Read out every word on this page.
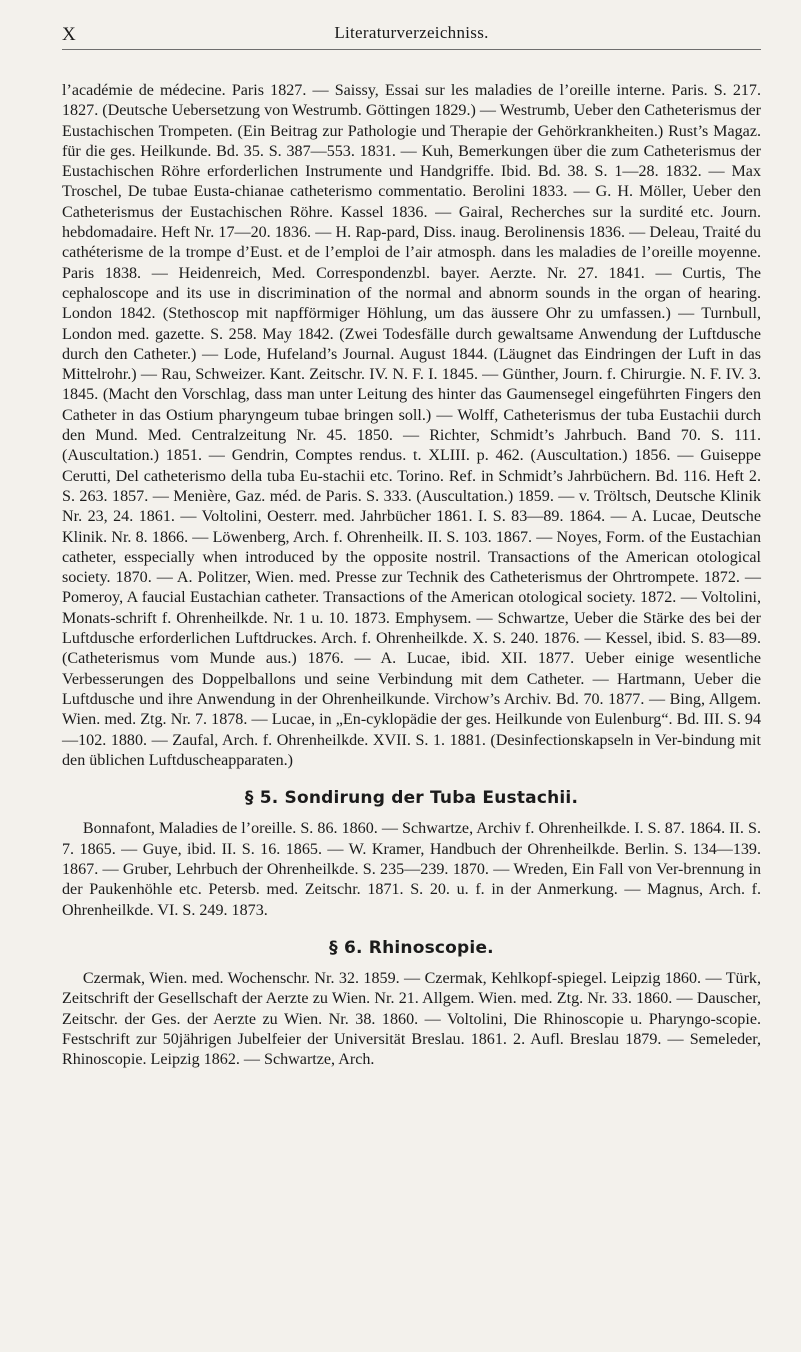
X	Literaturverzeichniss.

l’académie de médecine. Paris 1827. — Saissy, Essai sur les maladies de l’oreille interne. Paris. S. 217. 1827. (Deutsche Uebersetzung von Westrumb. Göttingen 1829.) — Westrumb, Ueber den Catheterismus der Eustachischen Trompeten. (Ein Beitrag zur Pathologie und Therapie der Gehörkrankheiten.) Rust’s Magaz. für die ges. Heilkunde. Bd. 35. S. 387—553. 1831. — Kuh, Bemerkungen über die zum Catheterismus der Eustachischen Röhre erforderlichen Instrumente und Handgriffe. Ibid. Bd. 38. S. 1—28. 1832. — Max Troschel, De tubae Eusta-chianae catheterismo commentatio. Berolini 1833. — G. H. Möller, Ueber den Catheterismus der Eustachischen Röhre. Kassel 1836. — Gairal, Recherches sur la surdité etc. Journ. hebdomadaire. Heft Nr. 17—20. 1836. — H. Rap-pard, Diss. inaug. Berolinensis 1836. — Deleau, Traité du cathéterisme de la trompe d’Eust. et de l’emploi de l’air atmosph. dans les maladies de l’oreille moyenne. Paris 1838. — Heidenreich, Med. Correspondenzbl. bayer. Aerzte. Nr. 27. 1841. — Curtis, The cephaloscope and its use in discrimination of the normal and abnorm sounds in the organ of hearing. London 1842. (Stethoscop mit napfförmiger Höhlung, um das äussere Ohr zu umfassen.) — Turnbull, London med. gazette. S. 258. May 1842. (Zwei Todesfälle durch gewaltsame Anwendung der Luftdusche durch den Catheter.) — Lode, Hufeland’s Journal. August 1844. (Läugnet das Eindringen der Luft in das Mittelrohr.) — Rau, Schweizer. Kant. Zeitschr. IV. N. F. I. 1845. — Günther, Journ. f. Chirurgie. N. F. IV. 3. 1845. (Macht den Vorschlag, dass man unter Leitung des hinter das Gaumensegel eingeführten Fingers den Catheter in das Ostium pharyngeum tubae bringen soll.) — Wolff, Catheterismus der tuba Eustachii durch den Mund. Med. Centralzeitung Nr. 45. 1850. — Richter, Schmidt’s Jahrbuch. Band 70. S. 111. (Auscultation.) 1851. — Gendrin, Comptes rendus. t. XLIII. p. 462. (Auscultation.) 1856. — Guiseppe Cerutti, Del catheterismo della tuba Eu-stachii etc. Torino. Ref. in Schmidt’s Jahrbüchern. Bd. 116. Heft 2. S. 263. 1857. — Menière, Gaz. méd. de Paris. S. 333. (Auscultation.) 1859. — v. Tröltsch, Deutsche Klinik Nr. 23, 24. 1861. — Voltolini, Oesterr. med. Jahrbücher 1861. I. S. 83—89. 1864. — A. Lucae, Deutsche Klinik. Nr. 8. 1866. — Löwenberg, Arch. f. Ohrenheilk. II. S. 103. 1867. — Noyes, Form. of the Eustachian catheter, esspecially when introduced by the opposite nostril. Transactions of the American otological society. 1870. — A. Politzer, Wien. med. Presse zur Technik des Catheterismus der Ohrtrompete. 1872. — Pomeroy, A faucial Eustachian catheter. Transactions of the American otological society. 1872. — Voltolini, Monats-schrift f. Ohrenheilkde. Nr. 1 u. 10. 1873. Emphysem. — Schwartze, Ueber die Stärke des bei der Luftdusche erforderlichen Luftdruckes. Arch. f. Ohrenheilkde. X. S. 240. 1876. — Kessel, ibid. S. 83—89. (Catheterismus vom Munde aus.) 1876. — A. Lucae, ibid. XII. 1877. Ueber einige wesentliche Verbesserungen des Doppelballons und seine Verbindung mit dem Catheter. — Hartmann, Ueber die Luftdusche und ihre Anwendung in der Ohrenheilkunde. Virchow’s Archiv. Bd. 70. 1877. — Bing, Allgem. Wien. med. Ztg. Nr. 7. 1878. — Lucae, in „En-cyklopädie der ges. Heilkunde von Eulenburg“. Bd. III. S. 94—102. 1880. — Zaufal, Arch. f. Ohrenheilkde. XVII. S. 1. 1881. (Desinfectionskapseln in Ver-bindung mit den üblichen Luftduscheapparaten.)

§ 5. Sondirung der Tuba Eustachii.

Bonnafont, Maladies de l’oreille. S. 86. 1860. — Schwartze, Archiv f. Ohrenheilkde. I. S. 87. 1864. II. S. 7. 1865. — Guye, ibid. II. S. 16. 1865. — W. Kramer, Handbuch der Ohrenheilkde. Berlin. S. 134—139. 1867. — Gruber, Lehrbuch der Ohrenheilkde. S. 235—239. 1870. — Wreden, Ein Fall von Ver-brennung in der Paukenhöhle etc. Petersb. med. Zeitschr. 1871. S. 20. u. f. in der Anmerkung. — Magnus, Arch. f. Ohrenheilkde. VI. S. 249. 1873.

§ 6. Rhinoscopie.

Czermak, Wien. med. Wochenschr. Nr. 32. 1859. — Czermak, Kehlkopf-spiegel. Leipzig 1860. — Türk, Zeitschrift der Gesellschaft der Aerzte zu Wien. Nr. 21. Allgem. Wien. med. Ztg. Nr. 33. 1860. — Dauscher, Zeitschr. der Ges. der Aerzte zu Wien. Nr. 38. 1860. — Voltolini, Die Rhinoscopie u. Pharyngo-scopie. Festschrift zur 50jährigen Jubelfeier der Universität Breslau. 1861. 2. Aufl. Breslau 1879. — Semeleder, Rhinoscopie. Leipzig 1862. — Schwartze, Arch.
